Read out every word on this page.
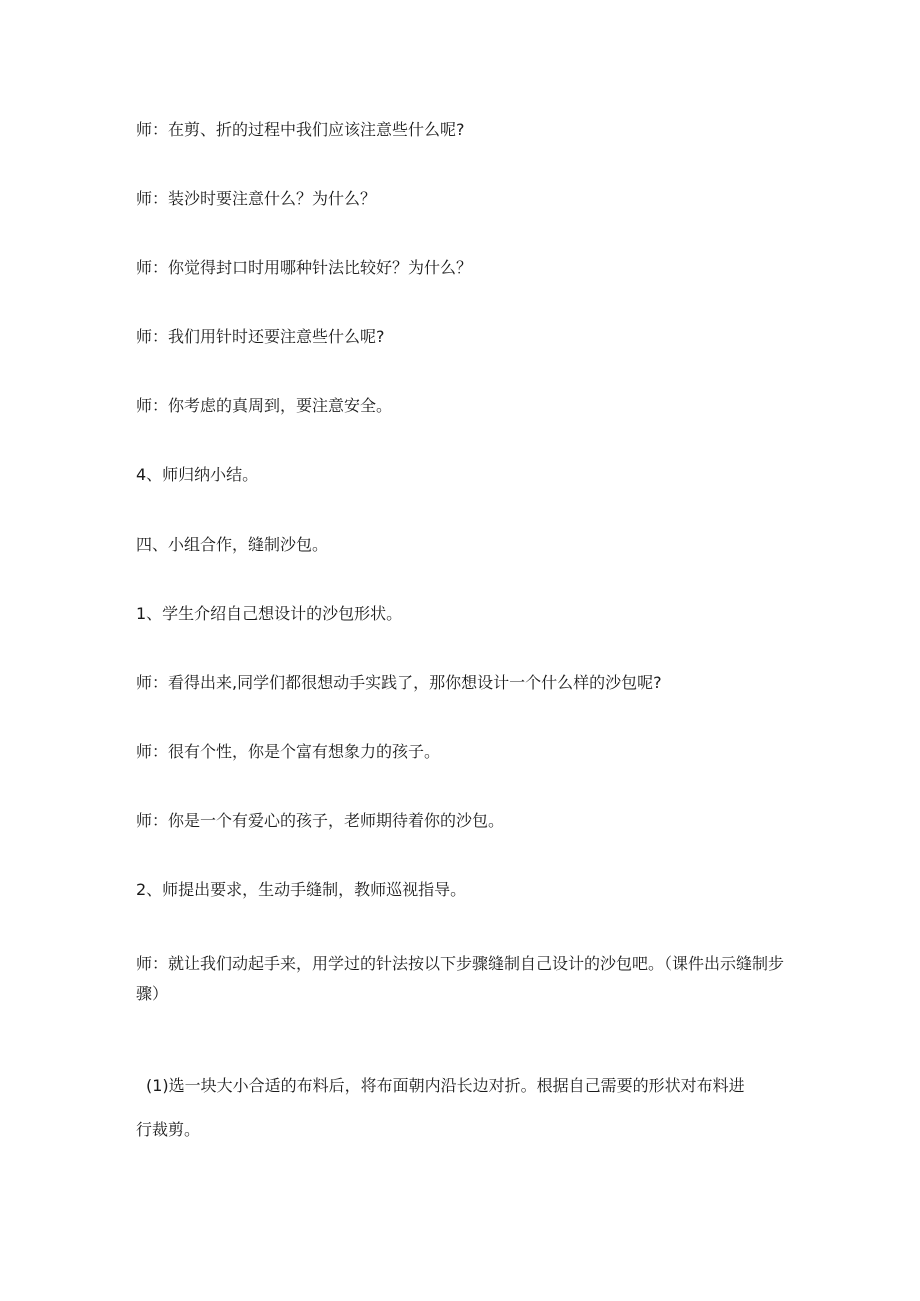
师：在剪、折的过程中我们应该注意些什么呢?
师：装沙时要注意什么？为什么？
师：你觉得封口时用哪种针法比较好？为什么？
师：我们用针时还要注意些什么呢?
师：你考虑的真周到，要注意安全。
4、师归纳小结。
四、小组合作，缝制沙包。
1、学生介绍自己想设计的沙包形状。
师：看得出来,同学们都很想动手实践了，那你想设计一个什么样的沙包呢?
师：很有个性，你是个富有想象力的孩子。
师：你是一个有爱心的孩子，老师期待着你的沙包。
2、师提出要求，生动手缝制，教师巡视指导。
师：就让我们动起手来，用学过的针法按以下步骤缝制自己设计的沙包吧。（课件出示缝制步骤）
(1)选一块大小合适的布料后，将布面朝内沿长边对折。根据自己需要的形状对布料进
行裁剪。
